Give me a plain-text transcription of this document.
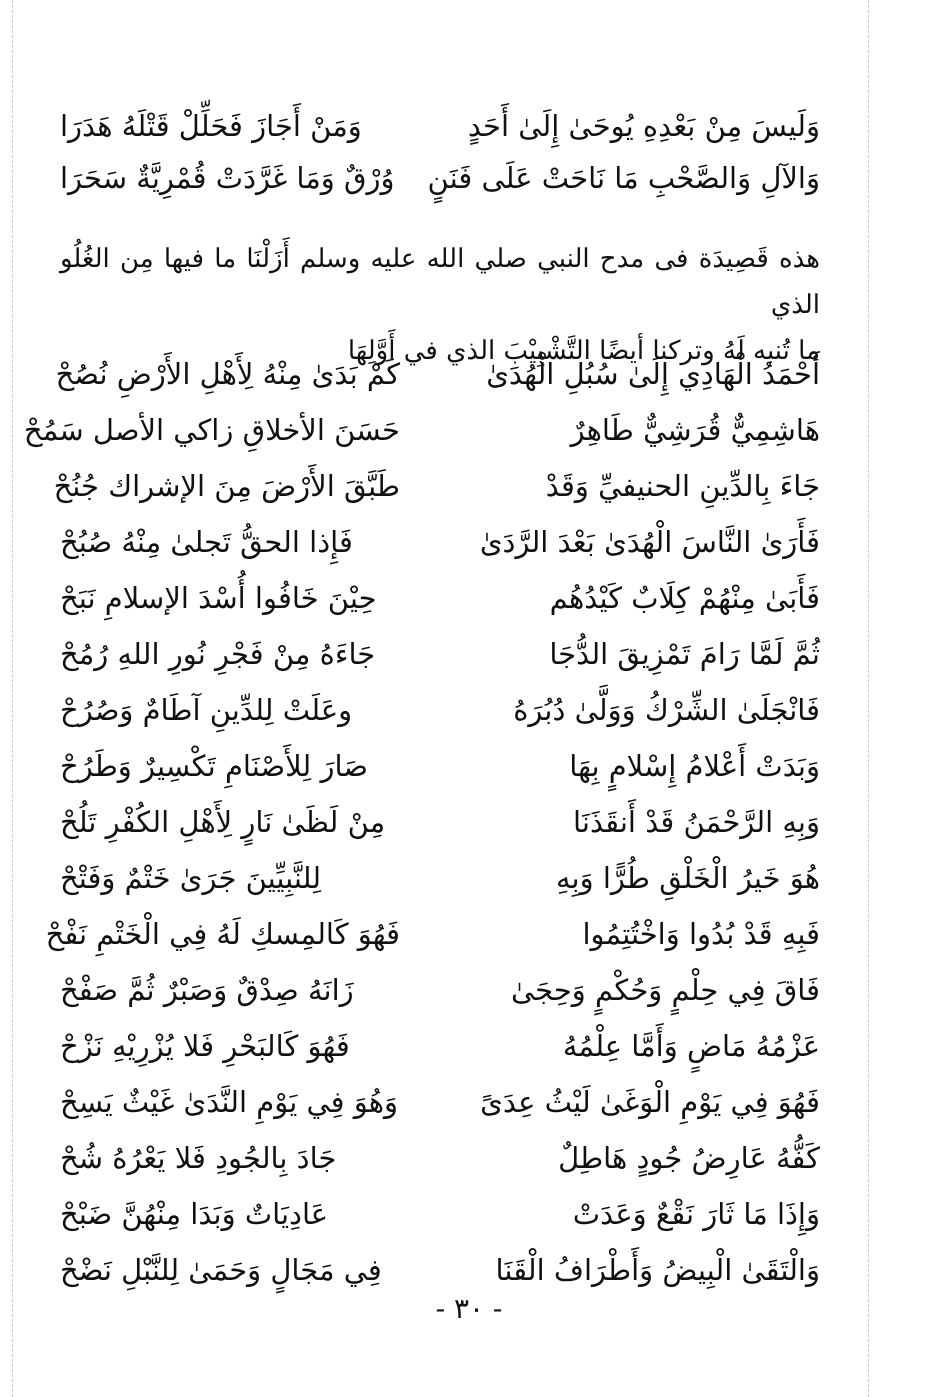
وَلَيسَ مِنْ بَعْدِهِ يُوحَىٰ إِلَىٰ أَحَدٍ
وَمَنْ أَجَازَ فَحَلِّلْ قَتْلَهُ هَدَرَا
وَالآلِ وَالصَّحْبِ مَا نَاحَتْ عَلَى فَنَنٍ
وُرْقٌ وَمَا غَرَّدَتْ قُمْرِيَّةٌ سَحَرَا

هذه قَصِيدَة فى مدح النبي صلي الله عليه وسلم أَزَلْنَا ما فيها مِن الغُلُو الذي

ما تُنبه لَهُ وتركنا أيضًا التَّشْبِيْبَ الذي في أَوَّلِهَا

أَحْمَدُ الْهَادِي إِلَىٰ سُبُلِ الْهُدَىٰ
كَمْ بَدَىٰ مِنْهُ لِأَهْلِ الأَرْضِ نُصُحْ
هَاشِمِيٌّ قُرَشِيٌّ طَاهِرٌ
حَسَنَ الأخلاقِ زاكي الأصل سَمُحْ
جَاءَ بِالدِّينِ الحنيفيِّ وَقَدْ
طَبَّقَ الأَرْضَ مِنَ الإشراك جُنُحْ
فَأَرَىٰ النَّاسَ الْهُدَىٰ بَعْدَ الرَّدَىٰ
فَإِذا الحقُّ تَجلىٰ مِنْهُ صُبُحْ
فَأَبَىٰ مِنْهُمْ كِلَابٌ كَيْدُهُم
حِيْنَ خَافُوا أُسْدَ الإسلامِ نَبَحْ
ثُمَّ لَمَّا رَامَ تَمْزِيقَ الدُّجَا
جَاءَهُ مِنْ فَجْرِ نُورِ اللهِ رُمُحْ
فَانْجَلَىٰ الشِّرْكُ وَوَلَّىٰ دُبُرَهُ
وعَلَتْ لِلدِّينِ آطَامٌ وَصُرُحْ
وَبَدَتْ أَعْلامُ إِسْلامٍ بِهَا
صَارَ لِلأَصْنَامِ تَكْسِيرٌ وَطَرُحْ
وَبِهِ الرَّحْمَنُ قَدْ أَنقَذَنَا
مِنْ لَظَىٰ نَارٍ لِأَهْلِ الكُفْرِ تَلُحْ
هُوَ خَيرُ الْخَلْقِ طُرًّا وَبِهِ
لِلنَّبِيِّينَ جَرَىٰ خَتْمٌ وَفَتْحْ
فَبِهِ قَدْ بُدُوا وَاخْتُتِمُوا
فَهُوَ كَالمِسكِ لَهُ فِي الْخَتْمِ نَفْحْ
فَاقَ فِي حِلْمٍ وَحُكْمٍ وَحِجَىٰ
زَانَهُ صِدْقٌ وَصَبْرٌ ثُمَّ صَفْحْ
عَزْمُهُ مَاضٍ وَأَمَّا عِلْمُهُ
فَهُوَ كَالبَحْرِ فَلا يُزْرِيْهِ نَزْحْ
فَهُوَ فِي يَوْمِ الْوَغَىٰ لَيْثُ عِدَىً
وَهُوَ فِي يَوْمِ النَّدَىٰ غَيْثٌ يَسِحْ
كَفُّهُ عَارِضُ جُودٍ هَاطِلٌ
جَادَ بِالجُودِ فَلا يَعْرُهُ شُحْ
وَإِذَا مَا ثَارَ نَقْعٌ وَعَدَتْ
عَادِيَاتٌ وَبَدَا مِنْهُنَّ ضَبْحْ
وَالْتَقَىٰ الْبِيضُ وَأَطْرَافُ الْقَنَا
فِي مَجَالٍ وَحَمَىٰ لِلنَّبْلِ نَضْحْ
- ٣٠ -
